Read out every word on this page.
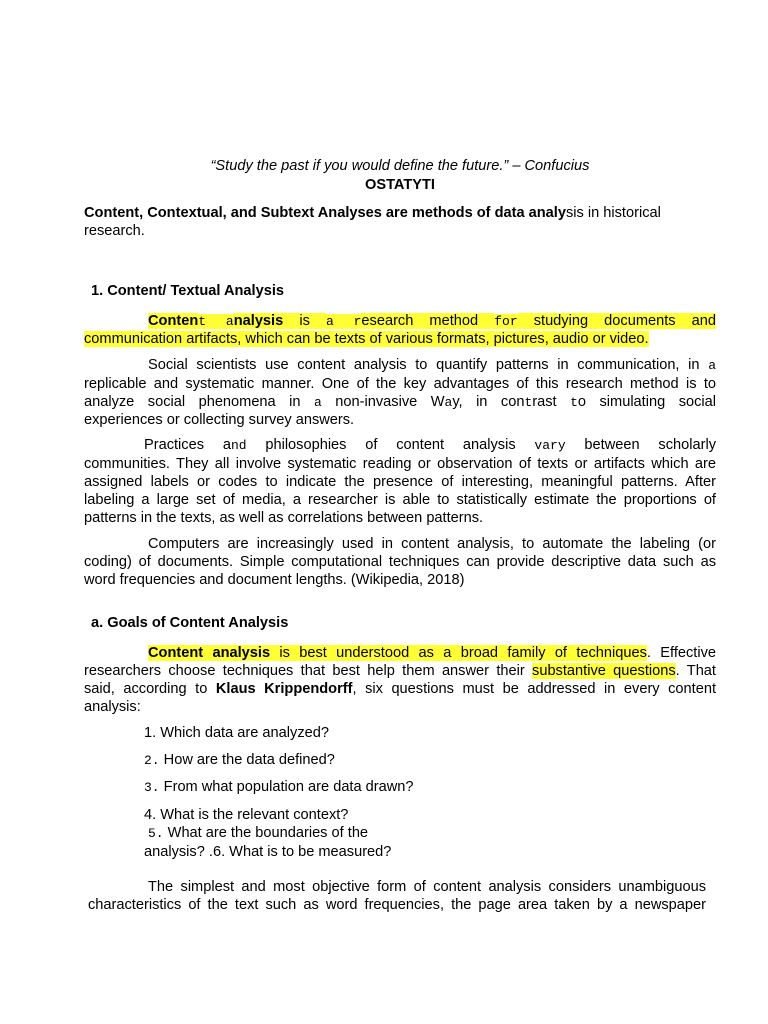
“Study the past if you would define the future.” – Confucius
OSTATYTI
Content, Contextual, and Subtext Analyses are methods of data analysis in historical
research.
1. Content/ Textual Analysis
Content analysis is a research method for studying documents and
communication artifacts, which can be texts of various formats, pictures, audio or video.
Social scientists use content analysis to quantify patterns in communication, in a
replicable and systematic manner. One of the key advantages of this research method is to
analyze social phenomena in a non-invasive Way, in contrast to simulating social
experiences or collecting survey answers.
Practices and philosophies of content analysis vary between scholarly
communities. They all involve systematic reading or observation of texts or artifacts which are
assigned labels or codes to indicate the presence of interesting, meaningful patterns. After
labeling a large set of media, a researcher is able to statistically estimate the proportions of
patterns in the texts, as well as correlations between patterns.
Computers are increasingly used in content analysis, to automate the labeling (or
coding) of documents. Simple computational techniques can provide descriptive data such as
word frequencies and document lengths. (Wikipedia, 2018)
a. Goals of Content Analysis
Content analysis is best understood as a broad family of techniques. Effective
researchers choose techniques that best help them answer their substantive questions. That
said, according to Klaus Krippendorff, six questions must be addressed in every content
analysis:
1. Which data are analyzed?
2. How are the data defined?
3. From what population are data drawn?
4. What is the relevant context?
5. What are the boundaries of the
analysis? .6. What is to be measured?
The simplest and most objective form of content analysis considers unambiguous
characteristics of the text such as word frequencies, the page area taken by a newspaper
